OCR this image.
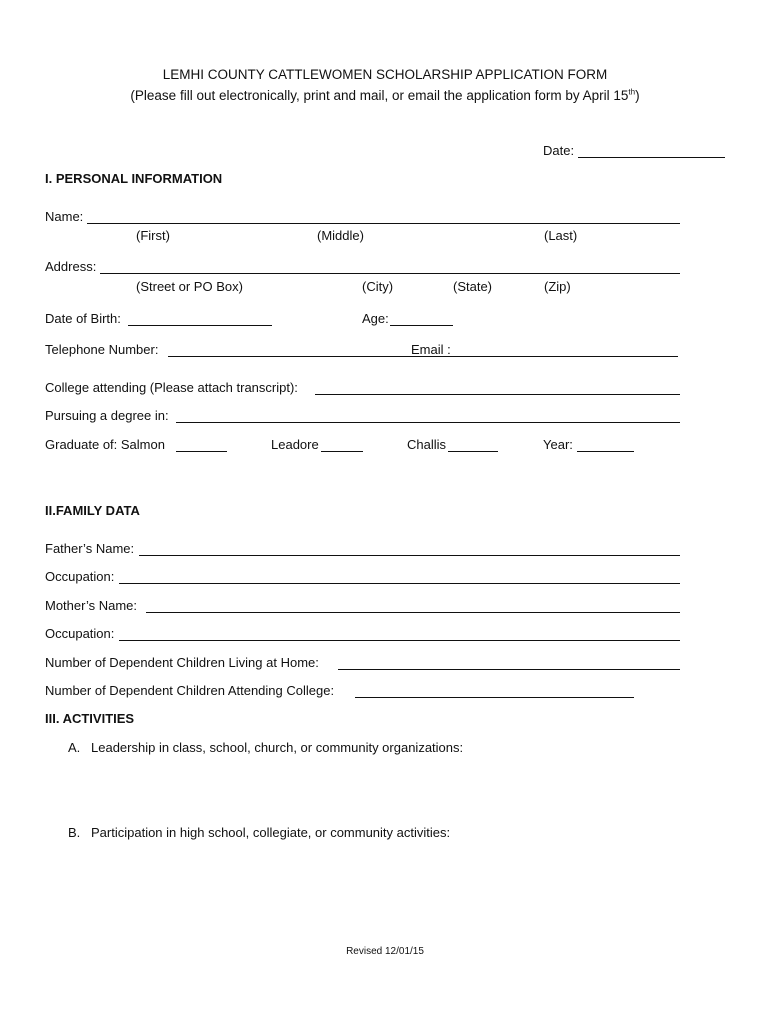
LEMHI COUNTY CATTLEWOMEN SCHOLARSHIP APPLICATION FORM
(Please fill out electronically, print and mail, or email the application form by April 15th)
Date:
I. PERSONAL INFORMATION
Name:
(First)	(Middle)	(Last)
Address:
(Street or PO Box)	(City)	(State)	(Zip)
Date of Birth:	Age:
Telephone Number:	Email :
College attending (Please attach transcript):
Pursuing a degree in:
Graduate of: Salmon	Leadore	Challis	Year:
II.FAMILY DATA
Father’s Name:
Occupation:
Mother’s Name:
Occupation:
Number of Dependent Children Living at Home:
Number of Dependent Children Attending College:
III. ACTIVITIES
A. Leadership in class, school, church, or community organizations:
B. Participation in high school, collegiate, or community activities:
Revised 12/01/15
